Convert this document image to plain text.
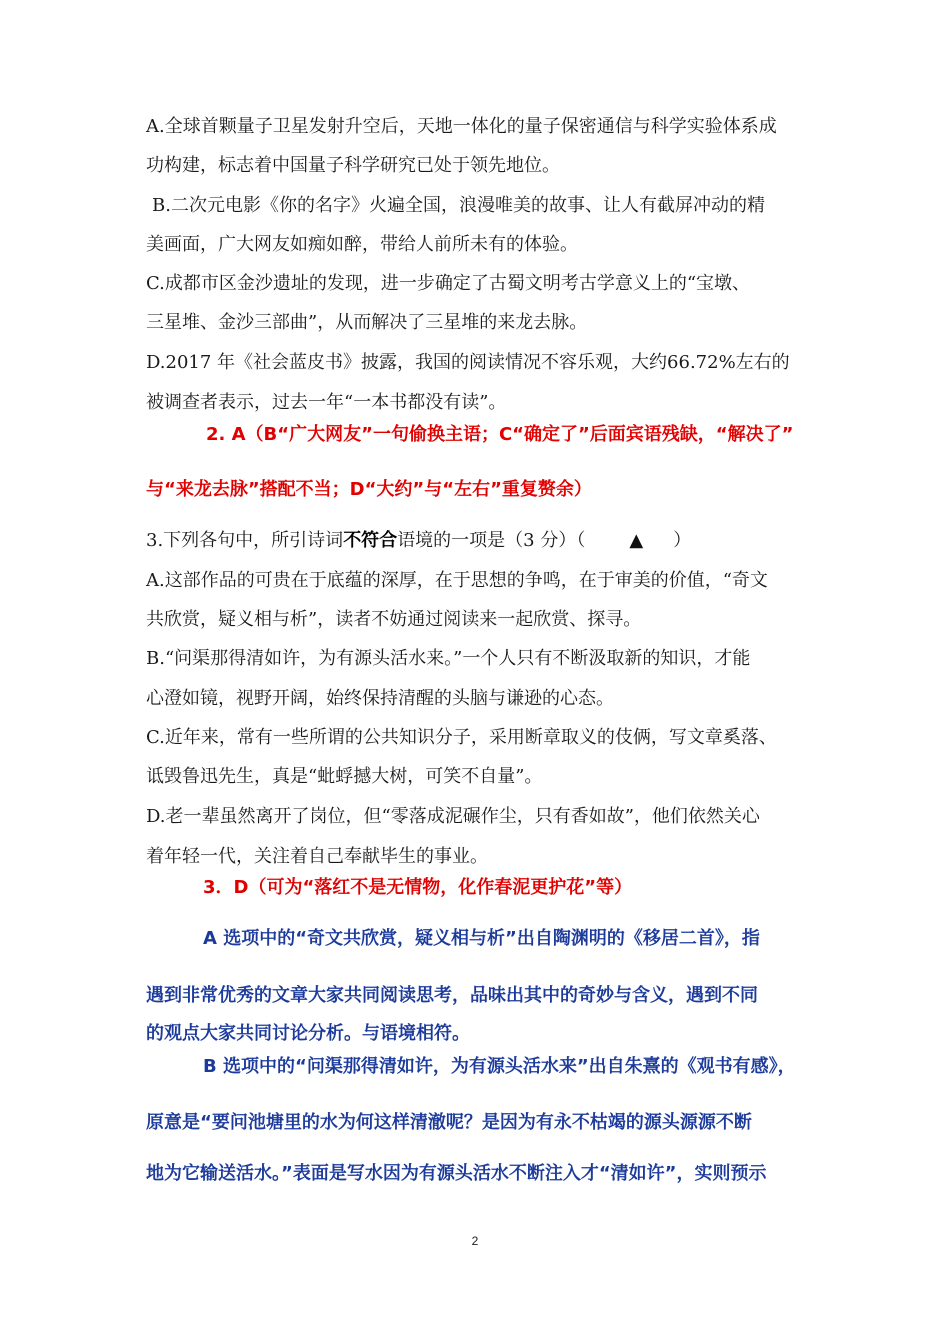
A.全球首颗量子卫星发射升空后，天地一体化的量子保密通信与科学实验体系成
功构建，标志着中国量子科学研究已处于领先地位。
B.二次元电影《你的名字》火遍全国，浪漫唯美的故事、让人有截屏冲动的精
美画面，广大网友如痴如醉，带给人前所未有的体验。
C.成都市区金沙遗址的发现，进一步确定了古蜀文明考古学意义上的“宝墩、
三星堆、金沙三部曲”，从而解决了三星堆的来龙去脉。
D.2017 年《社会蓝皮书》披露，我国的阅读情况不容乐观，大约66.72%左右的
被调查者表示，过去一年“一本书都没有读”。
2. A（B“广大网友”一句偷换主语；C“确定了”后面宾语残缺，“解决了”
与“来龙去脉”搭配不当；D“大约”与“左右”重复赘余）
3.下列各句中，所引诗词不符合语境的一项是（3 分）（ ▲ ）
A.这部作品的可贵在于底蕴的深厚，在于思想的争鸣，在于审美的价值，“奇文
共欣赏，疑义相与析”，读者不妨通过阅读来一起欣赏、探寻。
B.“问渠那得清如许，为有源头活水来。”一个人只有不断汲取新的知识，才能
心澄如镜，视野开阔，始终保持清醒的头脑与谦逊的心态。
C.近年来，常有一些所谓的公共知识分子，采用断章取义的伎俩，写文章奚落、
诋毁鲁迅先生，真是“蚍蜉撼大树，可笑不自量”。
D.老一辈虽然离开了岗位，但“零落成泥碾作尘，只有香如故”，他们依然关心
着年轻一代，关注着自己奉献毕生的事业。
3．D（可为“落红不是无情物，化作春泥更护花”等）
A 选项中的“奇文共欣赏，疑义相与析”出自陶渊明的《移居二首》，指
遇到非常优秀的文章大家共同阅读思考，品味出其中的奇妙与含义，遇到不同
的观点大家共同讨论分析。与语境相符。
B 选项中的“问渠那得清如许，为有源头活水来”出自朱熹的《观书有感》，
原意是“要问池塘里的水为何这样清澈呢？是因为有永不枯竭的源头源源不断
地为它输送活水。”表面是写水因为有源头活水不断注入才“清如许”，实则预示
2
